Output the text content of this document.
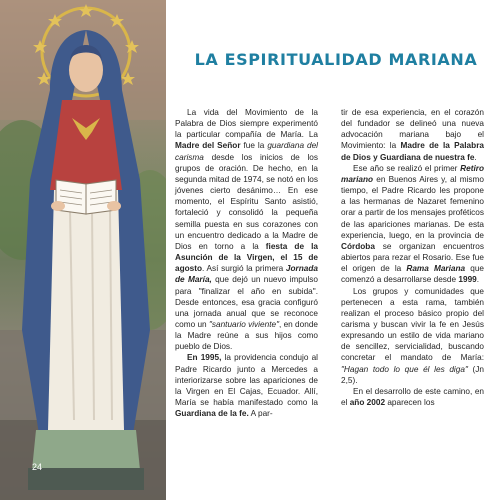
24
LA ESPIRITUALIDAD MARIANA

La vida del Movimiento de la Palabra de Dios siempre experimentó la particular compañía de María. La Madre del Señor fue la guardiana del carisma desde los inicios de los grupos de oración. De hecho, en la segunda mitad de 1974, se notó en los jóvenes cierto desánimo… En ese momento, el Espíritu Santo asistió, fortaleció y consolidó la pequeña semilla puesta en sus corazones con un encuentro dedicado a la Madre de Dios en torno a la fiesta de la Asunción de la Virgen, el 15 de agosto. Así surgió la primera Jornada de María, que dejó un nuevo impulso para "finalizar el año en subida". Desde entonces, esa gracia configuró una jornada anual que se reconoce como un "santuario viviente", en donde la Madre reúne a sus hijos como pueblo de Dios.

En 1995, la providencia condujo al Padre Ricardo junto a Mercedes a interiorizarse sobre las apariciones de la Virgen en El Cajas, Ecuador. Allí, María se había manifestado como la Guardiana de la fe. A par-

tir de esa experiencia, en el corazón del fundador se delineó una nueva advocación mariana bajo el Movimiento: la Madre de la Palabra de Dios y Guardiana de nuestra fe.

Ese año se realizó el primer Retiro mariano en Buenos Aires y, al mismo tiempo, el Padre Ricardo les propone a las hermanas de Nazaret femenino orar a partir de los mensajes proféticos de las apariciones marianas. De esta experiencia, luego, en la provincia de Córdoba se organizan encuentros abiertos para rezar el Rosario. Ese fue el origen de la Rama Mariana que comenzó a desarrollarse desde 1999.

Los grupos y comunidades que pertenecen a esta rama, también realizan el proceso básico propio del carisma y buscan vivir la fe en Jesús expresando un estilo de vida mariano de sencillez, servicialidad, buscando concretar el mandato de María: "Hagan todo lo que él les diga" (Jn 2,5).

En el desarrollo de este camino, en el año 2002 aparecen los
